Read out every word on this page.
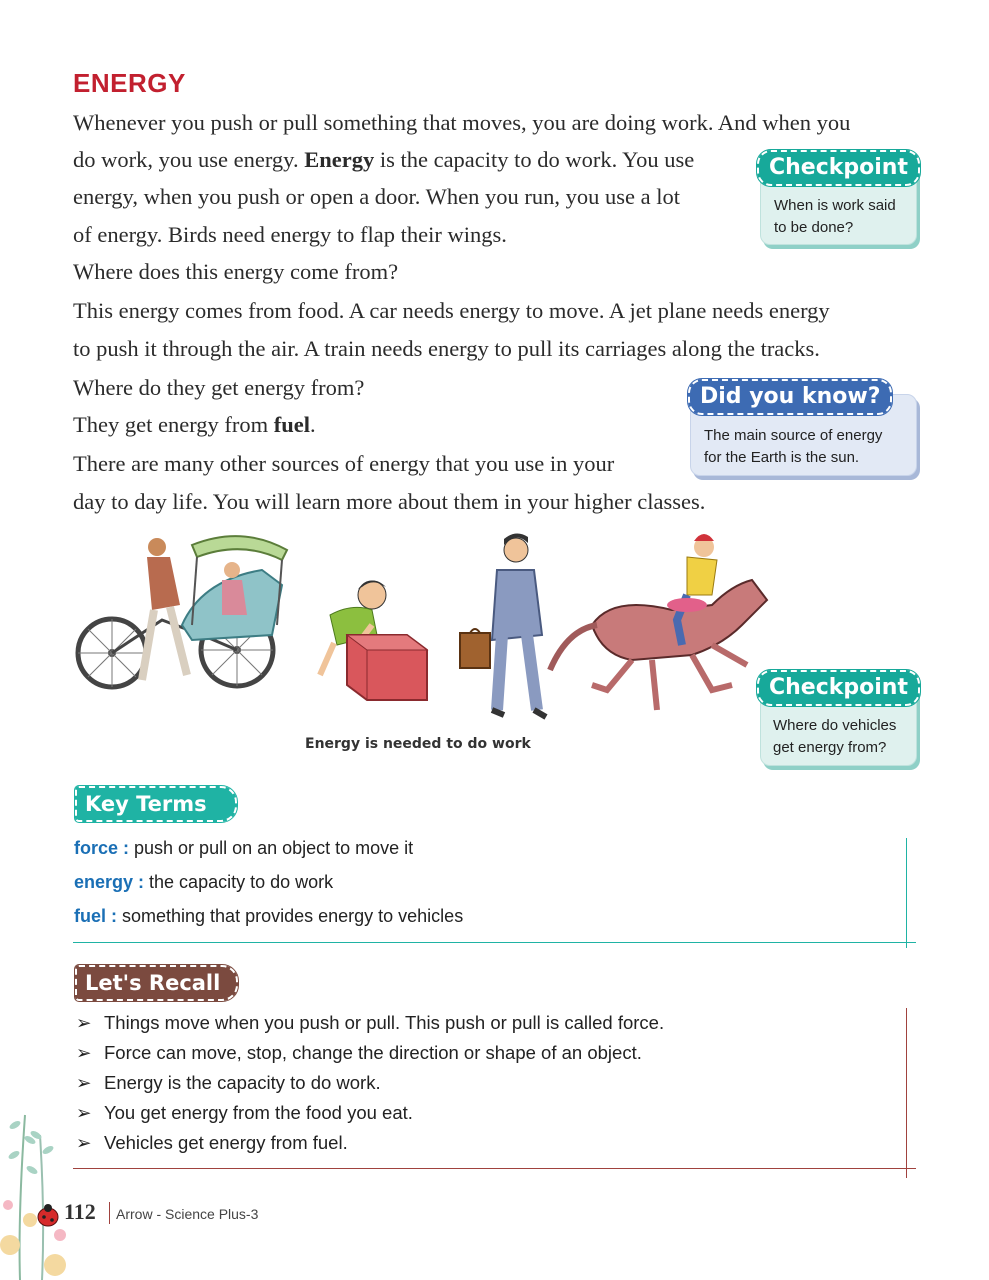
ENERGY
Whenever you push or pull something that moves, you are doing work. And when you
do work, you use energy. Energy is the capacity to do work. You use
energy, when you push or open a door. When you run, you use a lot
of energy. Birds need energy to flap their wings.
Where does this energy come from?
This energy comes from food. A car needs energy to move. A jet plane needs energy
to push it through the air. A train needs energy to pull its carriages along the tracks.
Where do they get energy from?
They get energy from fuel.
There are many other sources of energy that you use in your
day to day life. You will learn more about them in your higher classes.
When is work said
to be done?
Checkpoint
The main source of energy
for the Earth is the sun.
Did you know?
Energy is needed to do work
Where do vehicles
get energy from?
Checkpoint
Key Terms
force : push or pull on an object to move it
energy : the capacity to do work
fuel : something that provides energy to vehicles
Let's Recall
➢ Things move when you push or pull. This push or pull is called force.
➢ Force can move, stop, change the direction or shape of an object.
➢ Energy is the capacity to do work.
➢ You get energy from the food you eat.
➢ Vehicles get energy from fuel.
112 Arrow - Science Plus-3
